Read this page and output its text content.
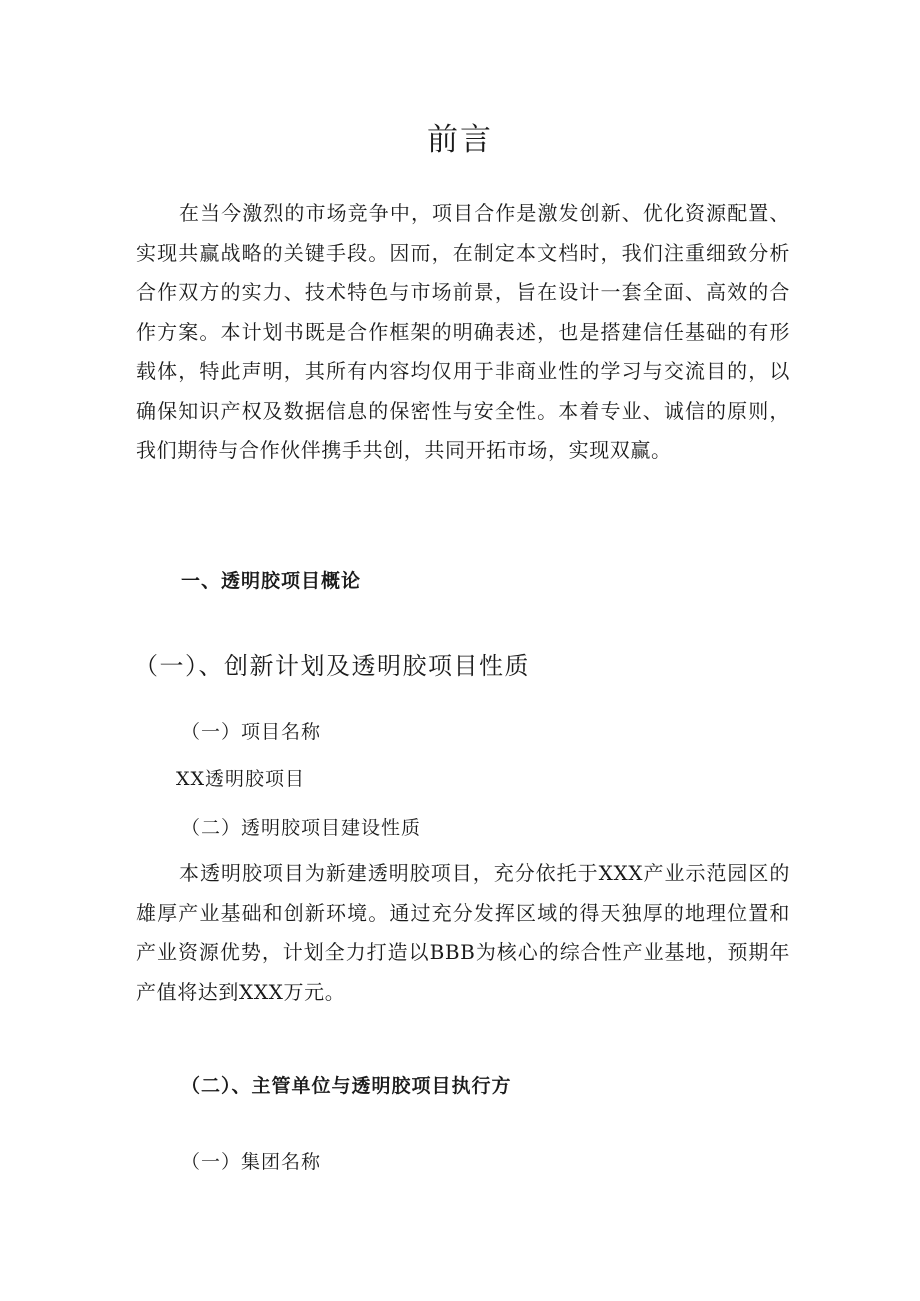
前言

在当今激烈的市场竞争中，项目合作是激发创新、优化资源配置、实现共赢战略的关键手段。因而，在制定本文档时，我们注重细致分析合作双方的实力、技术特色与市场前景，旨在设计一套全面、高效的合作方案。本计划书既是合作框架的明确表述，也是搭建信任基础的有形载体，特此声明，其所有内容均仅用于非商业性的学习与交流目的，以确保知识产权及数据信息的保密性与安全性。本着专业、诚信的原则，我们期待与合作伙伴携手共创，共同开拓市场，实现双赢。

一、透明胶项目概论
（一）、创新计划及透明胶项目性质
（一）项目名称
XX透明胶项目
（二）透明胶项目建设性质

本透明胶项目为新建透明胶项目，充分依托于XXX产业示范园区的雄厚产业基础和创新环境。通过充分发挥区域的得天独厚的地理位置和产业资源优势，计划全力打造以BBB为核心的综合性产业基地，预期年产值将达到XXX万元。

（二）、主管单位与透明胶项目执行方
（一）集团名称
